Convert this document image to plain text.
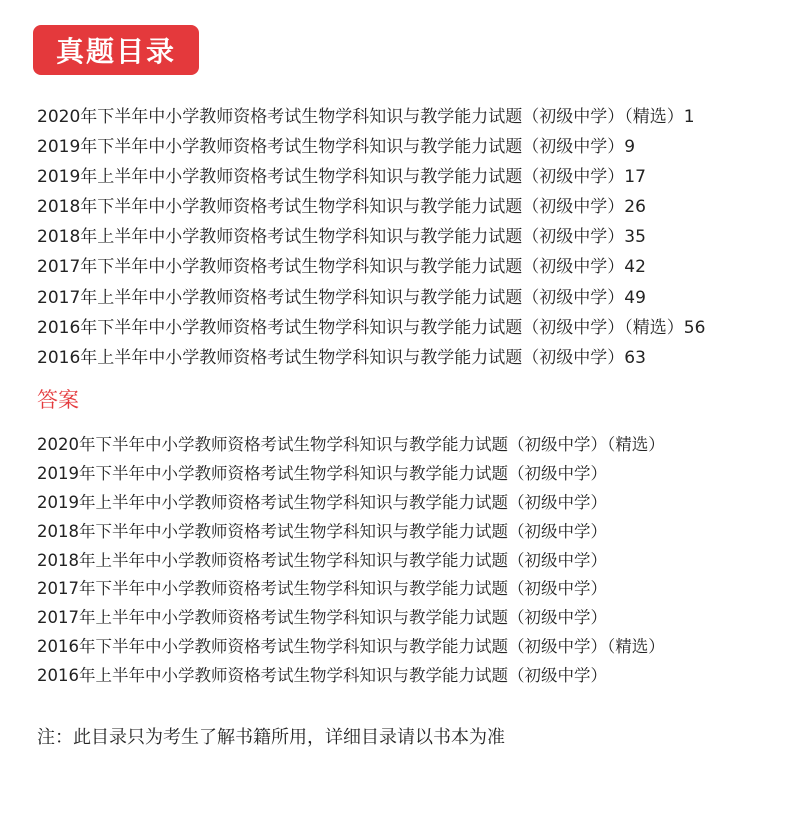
真题目录
2020年下半年中小学教师资格考试生物学科知识与教学能力试题（初级中学）（精选）1
2019年下半年中小学教师资格考试生物学科知识与教学能力试题（初级中学）9
2019年上半年中小学教师资格考试生物学科知识与教学能力试题（初级中学）17
2018年下半年中小学教师资格考试生物学科知识与教学能力试题（初级中学）26
2018年上半年中小学教师资格考试生物学科知识与教学能力试题（初级中学）35
2017年下半年中小学教师资格考试生物学科知识与教学能力试题（初级中学）42
2017年上半年中小学教师资格考试生物学科知识与教学能力试题（初级中学）49
2016年下半年中小学教师资格考试生物学科知识与教学能力试题（初级中学）（精选）56
2016年上半年中小学教师资格考试生物学科知识与教学能力试题（初级中学）63
答案
2020年下半年中小学教师资格考试生物学科知识与教学能力试题（初级中学）（精选）
2019年下半年中小学教师资格考试生物学科知识与教学能力试题（初级中学）
2019年上半年中小学教师资格考试生物学科知识与教学能力试题（初级中学）
2018年下半年中小学教师资格考试生物学科知识与教学能力试题（初级中学）
2018年上半年中小学教师资格考试生物学科知识与教学能力试题（初级中学）
2017年下半年中小学教师资格考试生物学科知识与教学能力试题（初级中学）
2017年上半年中小学教师资格考试生物学科知识与教学能力试题（初级中学）
2016年下半年中小学教师资格考试生物学科知识与教学能力试题（初级中学）（精选）
2016年上半年中小学教师资格考试生物学科知识与教学能力试题（初级中学）
注：此目录只为考生了解书籍所用，详细目录请以书本为准
